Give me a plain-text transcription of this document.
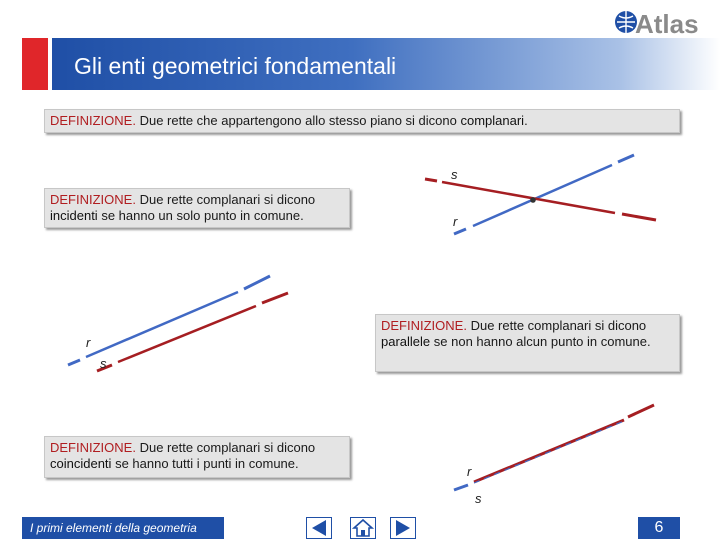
Gli enti geometrici fondamentali
Atlas
DEFINIZIONE. Due rette che appartengono allo stesso piano si dicono complanari.
DEFINIZIONE. Due rette complanari si dicono incidenti se hanno un solo punto in comune.
DEFINIZIONE. Due rette complanari si dicono parallele se non hanno alcun punto in comune.
DEFINIZIONE. Due rette complanari si dicono coincidenti se hanno tutti i punti in comune.
s
r
r
s
r
s
I primi elementi della geometria	6
